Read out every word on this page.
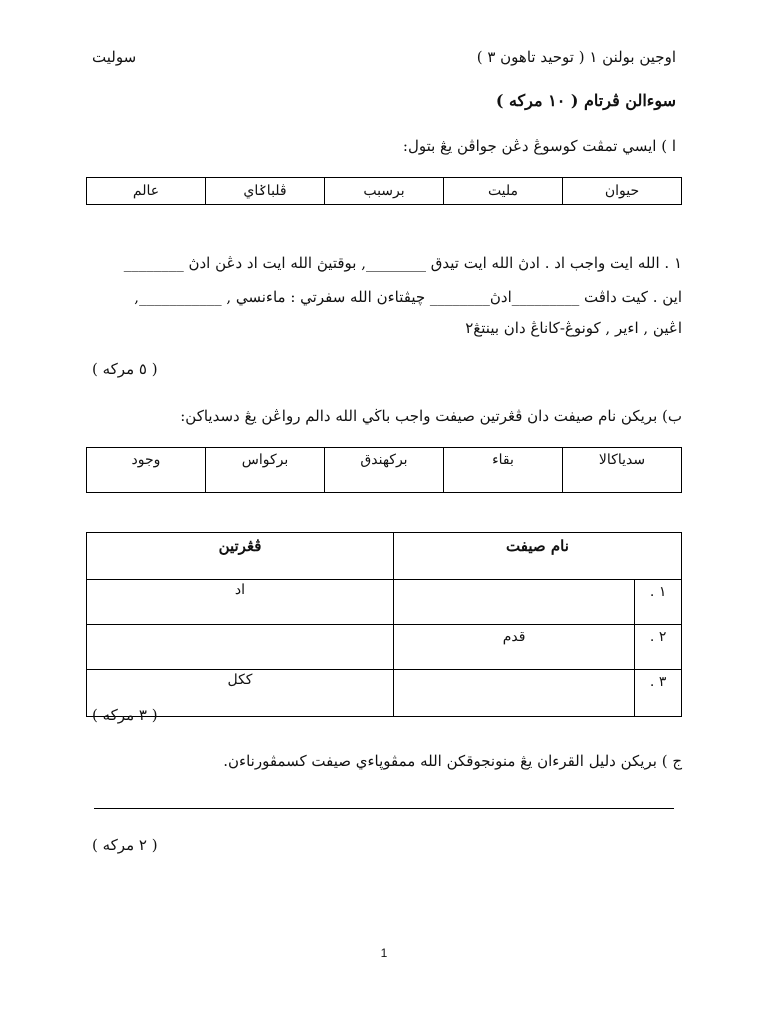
اوجين بولنن ١ ( توحيد تاهون ٣ )
سوليت
سوءالن ڤرتام ( ١٠ مركه )
ا ) ايسي تمڤت كوسوڠ دڠن جواڤن يڠ بتول:
حيوان	مليت	برسبب	ڤلباݢاي	عالم
١ . الله ايت واجب اد . ادڽ الله ايت تيدق ________, بوقتيڽ الله ايت اد دڠن ادڽ ________
اين . كيت داڤت _________ادڽ________ چيڤتاءن الله سفرتي : ماءنسي , ___________,
اڠين , اءير , كونوڠ-كاناڠ دان بينتڠ٢
( ٥ مركه )
ب) بريكن نام صيفت دان ڤڠرتين صيفت واجب باڬي الله دالم رواڠن يڠ دسدياكن:
سدياكالا	بقاء	برکهندق	برکواس	وجود
نام صيفت		ڤڠرتين
١ .		اد
٢ .	قدم	
٣ .		ککل
( ٣ مركه )
ج ) بريكن دليل القرءان يڠ منونجوقكن الله ممڤوڽاءي صيفت كسمڤورناءن.
( ٢ مركه )
1
